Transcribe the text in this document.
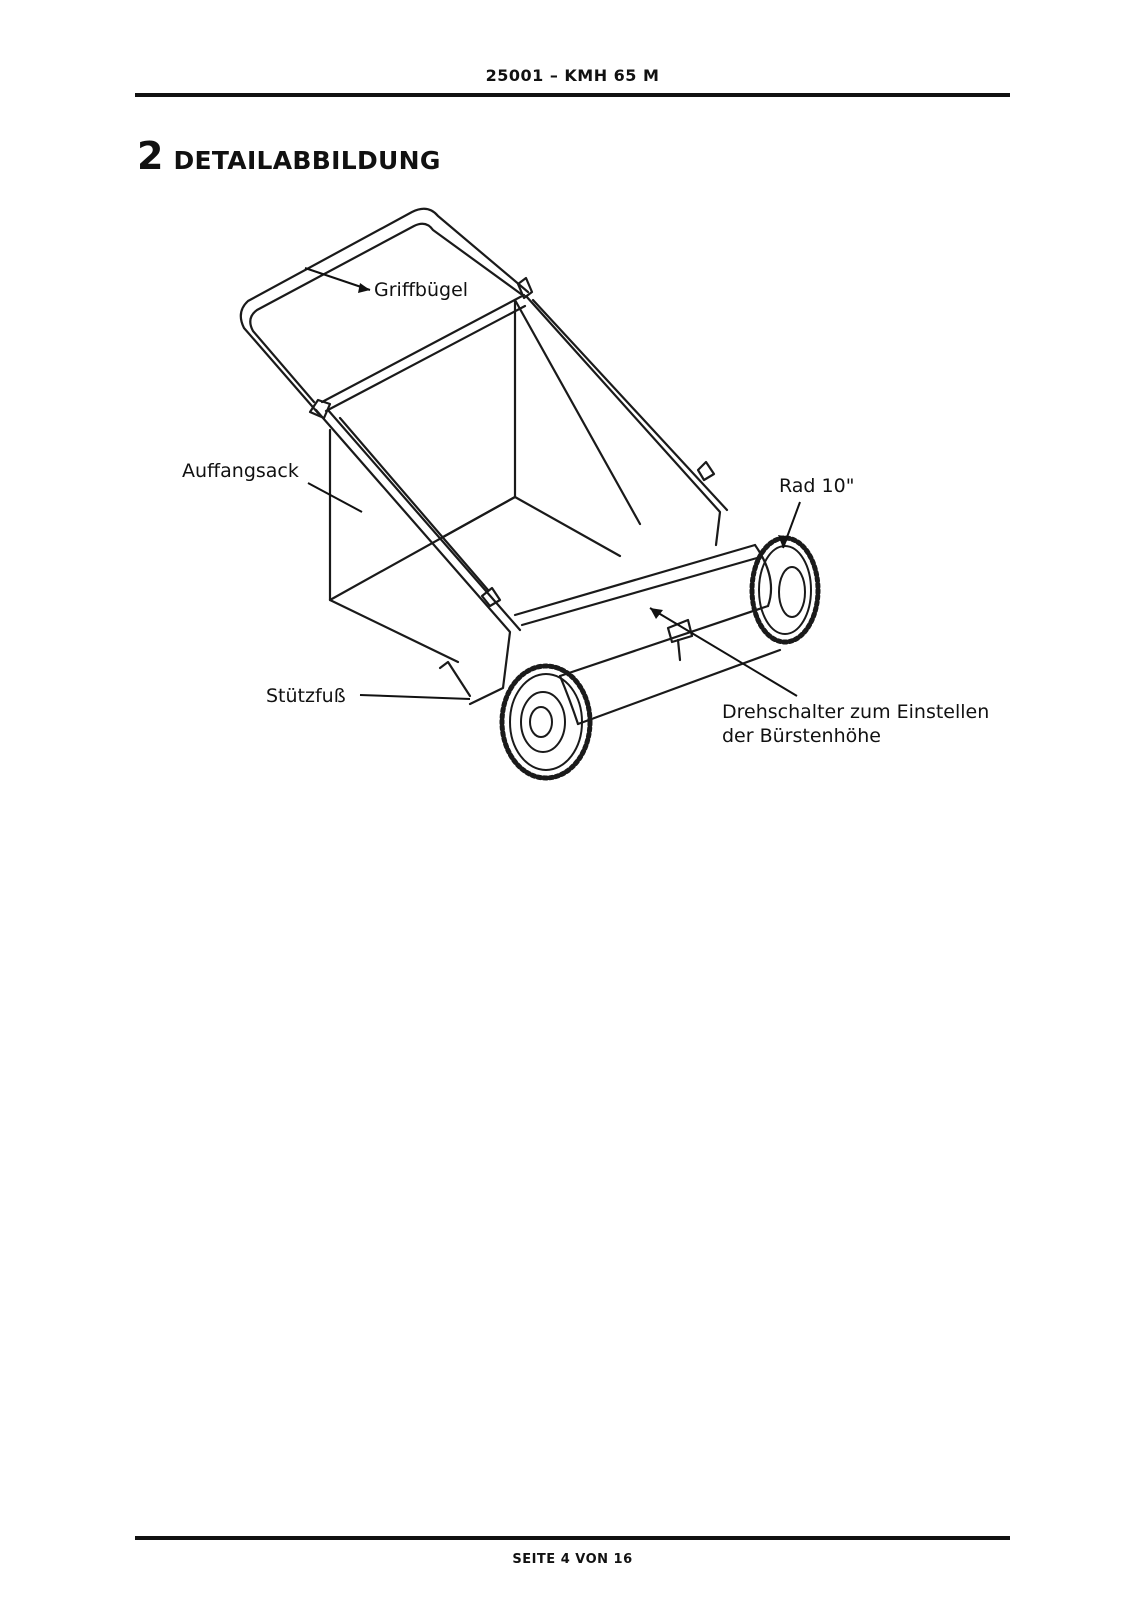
25001 – KMH 65 M
2 DETAILABBILDUNG
Griffbügel
Auffangsack
Rad 10"
Stützfuß
Drehschalter zum Einstellen
der Bürstenhöhe
SEITE 4 VON 16
